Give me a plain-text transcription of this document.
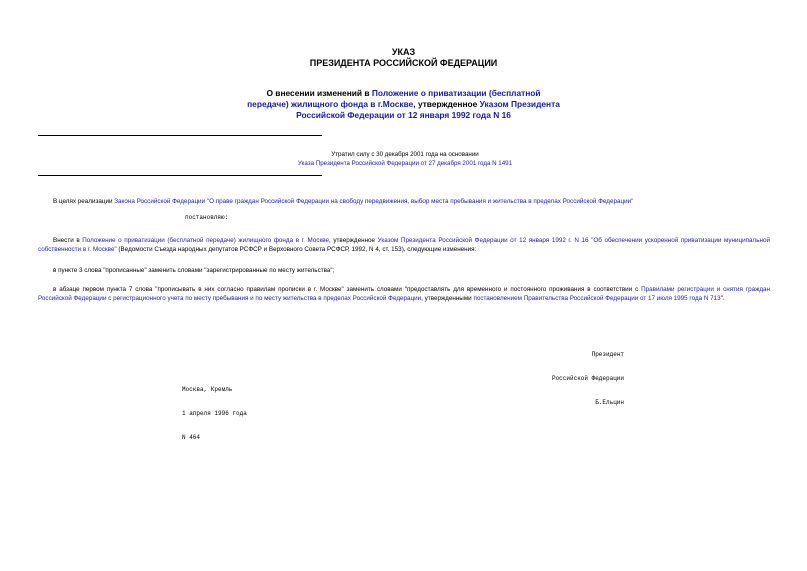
УКАЗ
ПРЕЗИДЕНТА РОССИЙСКОЙ ФЕДЕРАЦИИ
О внесении изменений в Положение о приватизации (бесплатной передаче) жилищного фонда в г.Москве, утвержденное Указом Президента Российской Федерации от 12 января 1992 года N 16
Утратил силу с 30 декабря 2001 года на основании
Указа Президента Российской Федерации от 27 декабря 2001 года N 1491
В целях реализации Закона Российской Федерации "О праве граждан Российской Федерации на свободу передвижения, выбор места пребывания и жительства в пределах Российской Федерации"
постановляю:
Внести в Положение о приватизации (бесплатной передаче) жилищного фонда в г. Москве, утвержденное Указом Президента Российской Федерации от 12 января 1992 г. N 16 "Об обеспечении ускоренной приватизации муниципальной собственности в г. Москве" (Ведомости Съезда народных депутатов РСФСР и Верховного Совета РСФСР, 1992, N 4, ст. 153), следующие изменения:
в пункте 3 слова "прописанные" заменить словами "зарегистрированные по месту жительства";
в абзаце первом пункта 7 слова "прописывать в них согласно правилам прописки в г. Москве" заменить словами "предоставлять для временного и постоянного проживания в соответствии с Правилами регистрации и снятия граждан Российской Федерации с регистрационного учета по месту пребывания и по месту жительства в пределах Российской Федерации, утвержденными постановлением Правительства Российской Федерации от 17 июля 1995 года N 713".

Президент

Российской Федерации

Б.Ельцин

Москва, Кремль

1 апреля 1996 года

N 464
